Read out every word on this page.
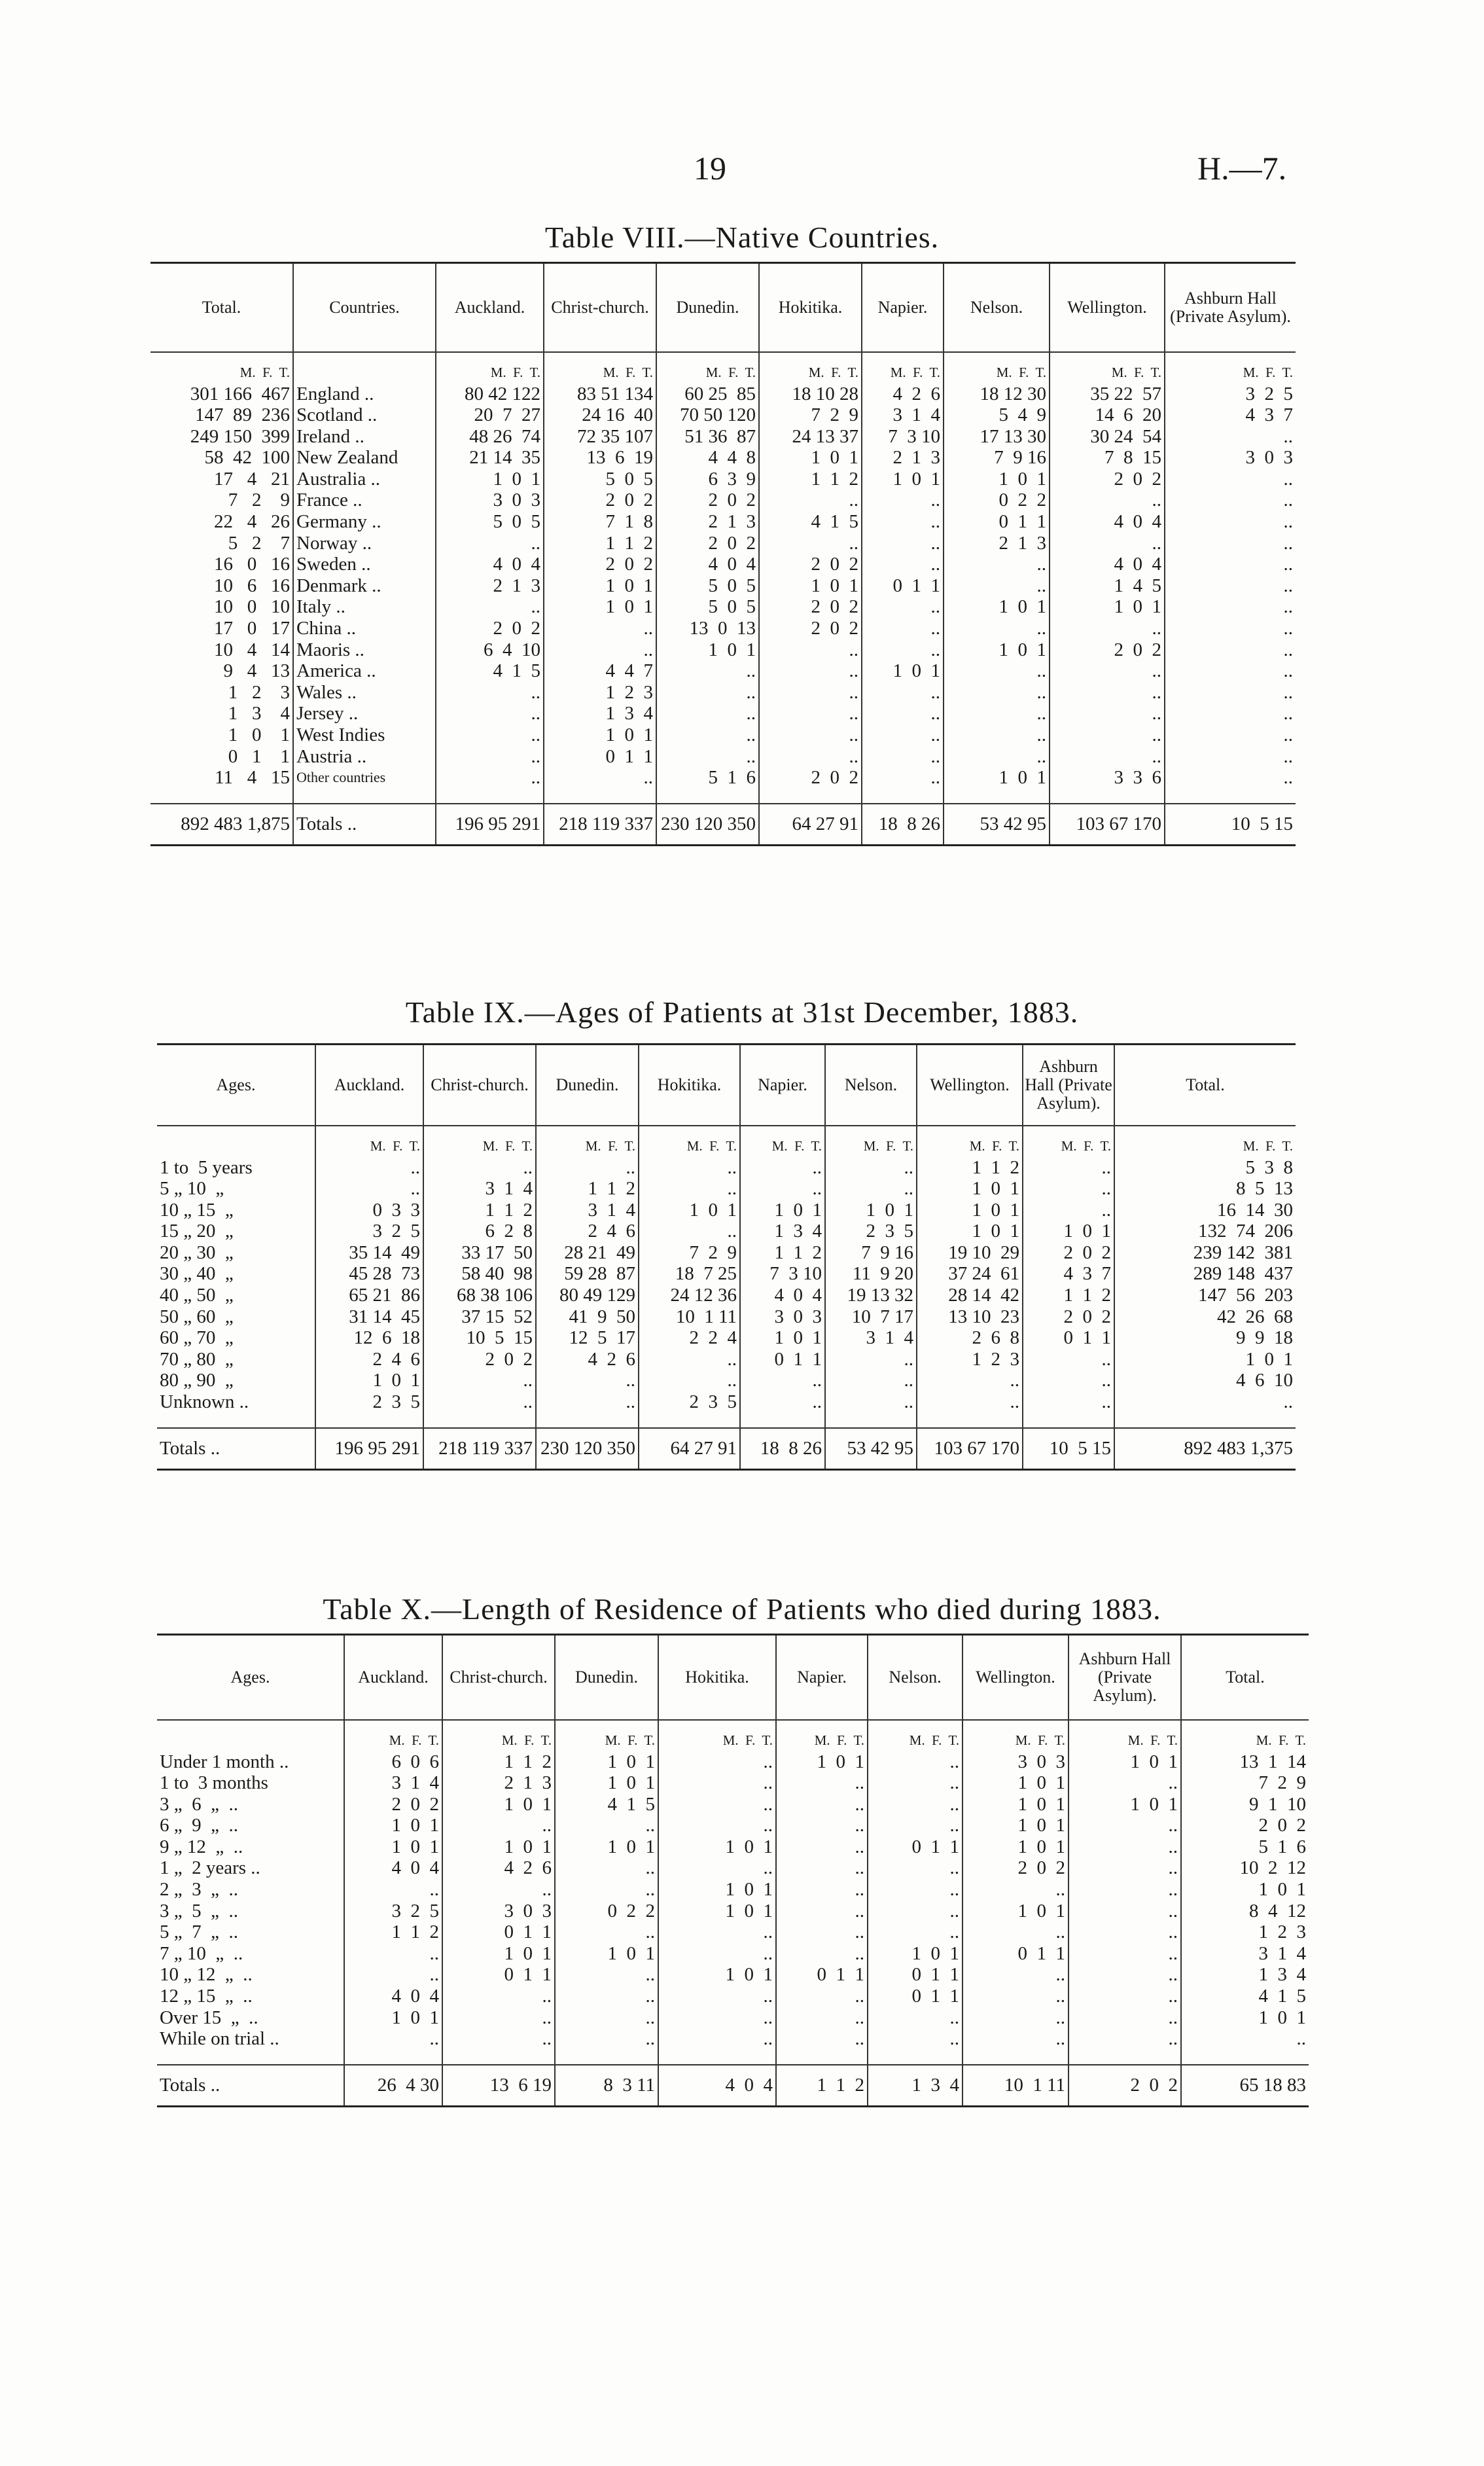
19	H.—7.
Table VIII.—Native Countries.
Total.	Countries.	Auckland.	Christ-church.	Dunedin.	Hokitika.	Napier.	Nelson.	Wellington.	Ashburn Hall (Private Asylum).
M.  F.  T.		M.  F.  T.	M.  F.  T.	M.  F.  T.	M.  F.  T.	M.  F.  T.	M.  F.  T.	M.  F.  T.	M.  F.  T.
301 166  467	England ..	80 42 122	83 51 134	60 25  85	18 10 28	4  2  6	18 12 30	35 22  57	3  2  5
147  89  236	Scotland ..	20  7  27	24 16  40	70 50 120	7  2  9	3  1  4	5  4  9	14  6  20	4  3  7
249 150  399	Ireland ..	48 26  74	72 35 107	51 36  87	24 13 37	7  3 10	17 13 30	30 24  54	..
58  42  100	New Zealand	21 14  35	13  6  19	4  4  8	1  0  1	2  1  3	7  9 16	7  8  15	3  0  3
17   4   21	Australia ..	1  0  1	5  0  5	6  3  9	1  1  2	1  0  1	1  0  1	2  0  2	..
7   2    9	France ..	3  0  3	2  0  2	2  0  2	..	..	0  2  2	..	..
22   4   26	Germany ..	5  0  5	7  1  8	2  1  3	4  1  5	..	0  1  1	4  0  4	..
5   2    7	Norway ..	..	1  1  2	2  0  2	..	..	2  1  3	..	..
16   0   16	Sweden ..	4  0  4	2  0  2	4  0  4	2  0  2	..	..	4  0  4	..
10   6   16	Denmark ..	2  1  3	1  0  1	5  0  5	1  0  1	0  1  1	..	1  4  5	..
10   0   10	Italy ..	..	1  0  1	5  0  5	2  0  2	..	1  0  1	1  0  1	..
17   0   17	China ..	2  0  2	..	13  0  13	2  0  2	..	..	..	..
10   4   14	Maoris ..	6  4  10	..	1  0  1	..	..	1  0  1	2  0  2	..
9   4   13	America ..	4  1  5	4  4  7	..	..	1  0  1	..	..	..
1   2    3	Wales ..	..	1  2  3	..	..	..	..	..	..
1   3    4	Jersey ..	..	1  3  4	..	..	..	..	..	..
1   0    1	West Indies	..	1  0  1	..	..	..	..	..	..
0   1    1	Austria ..	..	0  1  1	..	..	..	..	..	..
11   4   15	Other countries	..	..	5  1  6	2  0  2	..	1  0  1	3  3  6	..

892 483 1,875	Totals ..	196 95 291	218 119 337	230 120 350	64 27 91	18  8 26	53 42 95	103 67 170	10  5 15
Table IX.—Ages of Patients at 31st December, 1883.
Ages.	Auckland.	Christ-church.	Dunedin.	Hokitika.	Napier.	Nelson.	Wellington.	Ashburn Hall (Private Asylum).	Total.
	M.  F.  T.	M.  F.  T.	M.  F.  T.	M.  F.  T.	M.  F.  T.	M.  F.  T.	M.  F.  T.	M.  F.  T.	M.  F.  T.
1 to  5 years	..	..	..	..	..	..	1  1  2	..	5  3  8
5 „ 10  „	..	3  1  4	1  1  2	..	..	..	1  0  1	..	8  5  13
10 „ 15  „	0  3  3	1  1  2	3  1  4	1  0  1	1  0  1	1  0  1	1  0  1	..	16  14  30
15 „ 20  „	3  2  5	6  2  8	2  4  6	..	1  3  4	2  3  5	1  0  1	1  0  1	132  74  206
20 „ 30  „	35 14  49	33 17  50	28 21  49	7  2  9	1  1  2	7  9 16	19 10  29	2  0  2	239 142  381
30 „ 40  „	45 28  73	58 40  98	59 28  87	18  7 25	7  3 10	11  9 20	37 24  61	4  3  7	289 148  437
40 „ 50  „	65 21  86	68 38 106	80 49 129	24 12 36	4  0  4	19 13 32	28 14  42	1  1  2	147  56  203
50 „ 60  „	31 14  45	37 15  52	41  9  50	10  1 11	3  0  3	10  7 17	13 10  23	2  0  2	42  26  68
60 „ 70  „	12  6  18	10  5  15	12  5  17	2  2  4	1  0  1	3  1  4	2  6  8	0  1  1	9  9  18
70 „ 80  „	2  4  6	2  0  2	4  2  6	..	0  1  1	..	1  2  3	..	1  0  1
80 „ 90  „	1  0  1	..	..	..	..	..	..	..	4  6  10
Unknown ..	2  3  5	..	..	2  3  5	..	..	..	..	..

Totals ..	196 95 291	218 119 337	230 120 350	64 27 91	18  8 26	53 42 95	103 67 170	10  5 15	892 483 1,375
Table X.—Length of Residence of Patients who died during 1883.
Ages.	Auckland.	Christ-church.	Dunedin.	Hokitika.	Napier.	Nelson.	Wellington.	Ashburn Hall (Private Asylum).	Total.
	M.  F.  T.	M.  F.  T.	M.  F.  T.	M.  F.  T.	M.  F.  T.	M.  F.  T.	M.  F.  T.	M.  F.  T.	M.  F.  T.
Under 1 month ..	6  0  6	1  1  2	1  0  1	..	1  0  1	..	3  0  3	1  0  1	13  1  14
1 to  3 months	3  1  4	2  1  3	1  0  1	..	..	..	1  0  1	..	7  2  9
3 „  6  „  ..	2  0  2	1  0  1	4  1  5	..	..	..	1  0  1	1  0  1	9  1  10
6 „  9  „  ..	1  0  1	..	..	..	..	..	1  0  1	..	2  0  2
9 „ 12  „  ..	1  0  1	1  0  1	1  0  1	1  0  1	..	0  1  1	1  0  1	..	5  1  6
1 „  2 years ..	4  0  4	4  2  6	..	..	..	..	2  0  2	..	10  2  12
2 „  3  „  ..	..	..	..	1  0  1	..	..	..	..	1  0  1
3 „  5  „  ..	3  2  5	3  0  3	0  2  2	1  0  1	..	..	1  0  1	..	8  4  12
5 „  7  „  ..	1  1  2	0  1  1	..	..	..	..	..	..	1  2  3
7 „ 10  „  ..	..	1  0  1	1  0  1	..	..	1  0  1	0  1  1	..	3  1  4
10 „ 12  „  ..	..	0  1  1	..	1  0  1	0  1  1	0  1  1	..	..	1  3  4
12 „ 15  „  ..	4  0  4	..	..	..	..	0  1  1	..	..	4  1  5
Over 15  „  ..	1  0  1	..	..	..	..	..	..	..	1  0  1
While on trial ..	..	..	..	..	..	..	..	..	..

Totals ..	26  4 30	13  6 19	8  3 11	4  0  4	1  1  2	1  3  4	10  1 11	2  0  2	65 18 83
